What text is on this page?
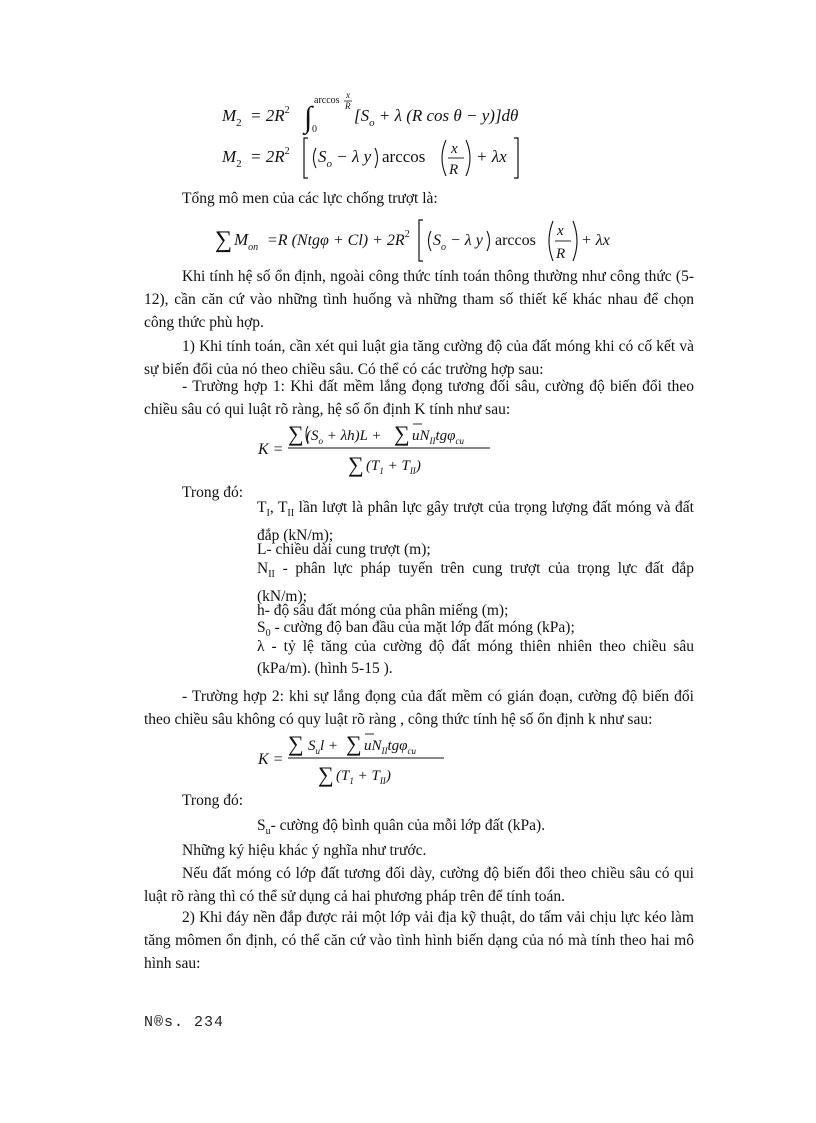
$M_2 = 2R^2$ ∫
arccos x
R
0
[$S_o + \lambda$ (R cos θ − y)]dθ
$M_2 = 2R^2$ $S_o - \lambda$ y arccos x
R
+ λx

Tổng mô men của các lực chống trượt là:

∑ $M_{on} =R$ $(Ntg\varphi + Cl) + 2R^2$ $S_o - \lambda$ y arccos
x
R
+ λx

Khi tính hệ số ổn định, ngoài công thức tính toán thông thường như công thức (5-12), cần căn cứ vào những tình huống và những tham số thiết kế khác nhau để chọn công thức phù hợp.

1) Khi tính toán, cần xét qui luật gia tăng cường độ của đất móng khi có cố kết và sự biến đổi của nó theo chiều sâu. Có thể có các trường hợp sau:

- Trường hợp 1: Khi đất mềm lắng đọng tương đối sâu, cường độ biến đổi theo chiều sâu có qui luật rõ ràng, hệ số ổn định K tính như sau:

K =
∑ $(S_o + \lambda h)L$ + ∑ $uN_{II}tg\varphi_{cu}$
∑ $(T_1 + T_{II})$

Trong đó:

$T_I$, $T_{II}$ lần lượt là phân lực gây trượt của trọng lượng đất móng và đất đắp (kN/m);

L- chiều dài cung trượt (m);

$N_{II}$ - phân lực pháp tuyến trên cung trượt của trọng lực đất đắp (kN/m);

h- độ sâu đất móng của phân miếng (m);

$S_0$ - cường độ ban đầu của mặt lớp đất móng (kPa);

λ - tỷ lệ tăng của cường độ đất móng thiên nhiên theo chiều sâu (kPa/m). (hình 5-15 ).

- Trường hợp 2: khi sự lắng đọng của đất mềm có gián đoạn, cường độ biến đổi theo chiều sâu không có quy luật rõ ràng , công thức tính hệ số ổn định k như sau:

K =
∑ $S_ul$ + ∑ $uN_{II}tg\varphi_{cu}$
∑ $(T_1 + T_{II})$

Trong đó:

$S_u-$ cường độ bình quân của mỗi lớp đất (kPa).

Những ký hiệu khác ý nghĩa như trước.

Nếu đất móng có lớp đất tương đối dày, cường độ biến đổi theo chiều sâu có qui luật rõ ràng thì có thể sử dụng cả hai phương pháp trên để tính toán.

2) Khi đáy nền đắp được rải một lớp vải địa kỹ thuật, do tấm vải chịu lực kéo làm tăng mômen ổn định, có thể căn cứ vào tình hình biến dạng của nó mà tính theo hai mô hình sau:

N®s. 234
